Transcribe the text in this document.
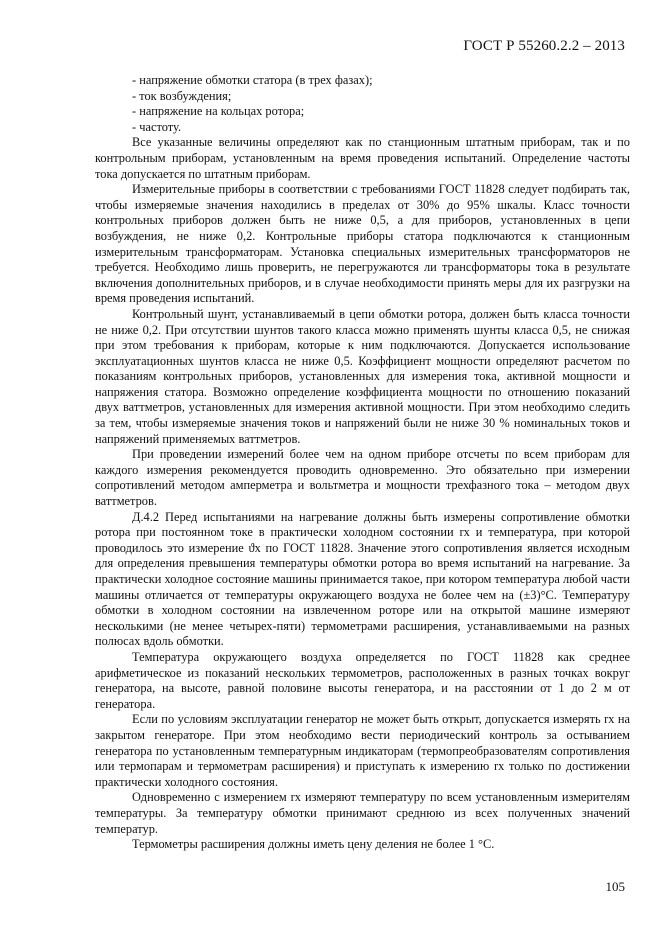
ГОСТ Р 55260.2.2 – 2013
- напряжение обмотки статора (в трех фазах);
- ток возбуждения;
- напряжение на кольцах ротора;
- частоту.

Все указанные величины определяют как по станционным штатным приборам, так и по контрольным приборам, установленным на время проведения испытаний. Определение частоты тока допускается по штатным приборам.

Измерительные приборы в соответствии с требованиями ГОСТ 11828 следует подбирать так, чтобы измеряемые значения находились в пределах от 30% до 95% шкалы. Класс точности контрольных приборов должен быть не ниже 0,5, а для приборов, установленных в цепи возбуждения, не ниже 0,2. Контрольные приборы статора подключаются к станционным измерительным трансформаторам. Установка специальных измерительных трансформаторов не требуется. Необходимо лишь проверить, не перегружаются ли трансформаторы тока в результате включения дополнительных приборов, и в случае необходимости принять меры для их разгрузки на время проведения испытаний.

Контрольный шунт, устанавливаемый в цепи обмотки ротора, должен быть класса точности не ниже 0,2. При отсутствии шунтов такого класса можно применять шунты класса 0,5, не снижая при этом требования к приборам, которые к ним подключаются. Допускается использование эксплуатационных шунтов класса не ниже 0,5. Коэффициент мощности определяют расчетом по показаниям контрольных приборов, установленных для измерения тока, активной мощности и напряжения статора. Возможно определение коэффициента мощности по отношению показаний двух ваттметров, установленных для измерения активной мощности. При этом необходимо следить за тем, чтобы измеряемые значения токов и напряжений были не ниже 30 % номинальных токов и напряжений применяемых ваттметров.

При проведении измерений более чем на одном приборе отсчеты по всем приборам для каждого измерения рекомендуется проводить одновременно. Это обязательно при измерении сопротивлений методом амперметра и вольтметра и мощности трехфазного тока – методом двух ваттметров.

Д.4.2 Перед испытаниями на нагревание должны быть измерены сопротивление обмотки ротора при постоянном токе в практически холодном состоянии rx и температура, при которой проводилось это измерение ϑx по ГОСТ 11828. Значение этого сопротивления является исходным для определения превышения температуры обмотки ротора во время испытаний на нагревание. За практически холодное состояние машины принимается такое, при котором температура любой части машины отличается от температуры окружающего воздуха не более чем на (±3)°С. Температуру обмотки в холодном состоянии на извлеченном роторе или на открытой машине измеряют несколькими (не менее четырех-пяти) термометрами расширения, устанавливаемыми на разных полюсах вдоль обмотки.

Температура окружающего воздуха определяется по ГОСТ 11828 как среднее арифметическое из показаний нескольких термометров, расположенных в разных точках вокруг генератора, на высоте, равной половине высоты генератора, и на расстоянии от 1 до 2 м от генератора.

Если по условиям эксплуатации генератор не может быть открыт, допускается измерять rx на закрытом генераторе. При этом необходимо вести периодический контроль за остыванием генератора по установленным температурным индикаторам (термопреобразователям сопротивления или термопарам и термометрам расширения) и приступать к измерению rx только по достижении практически холодного состояния.

Одновременно с измерением rx измеряют температуру по всем установленным измерителям температуры. За температуру обмотки принимают среднюю из всех полученных значений температур.

Термометры расширения должны иметь цену деления не более 1 °С.

105
